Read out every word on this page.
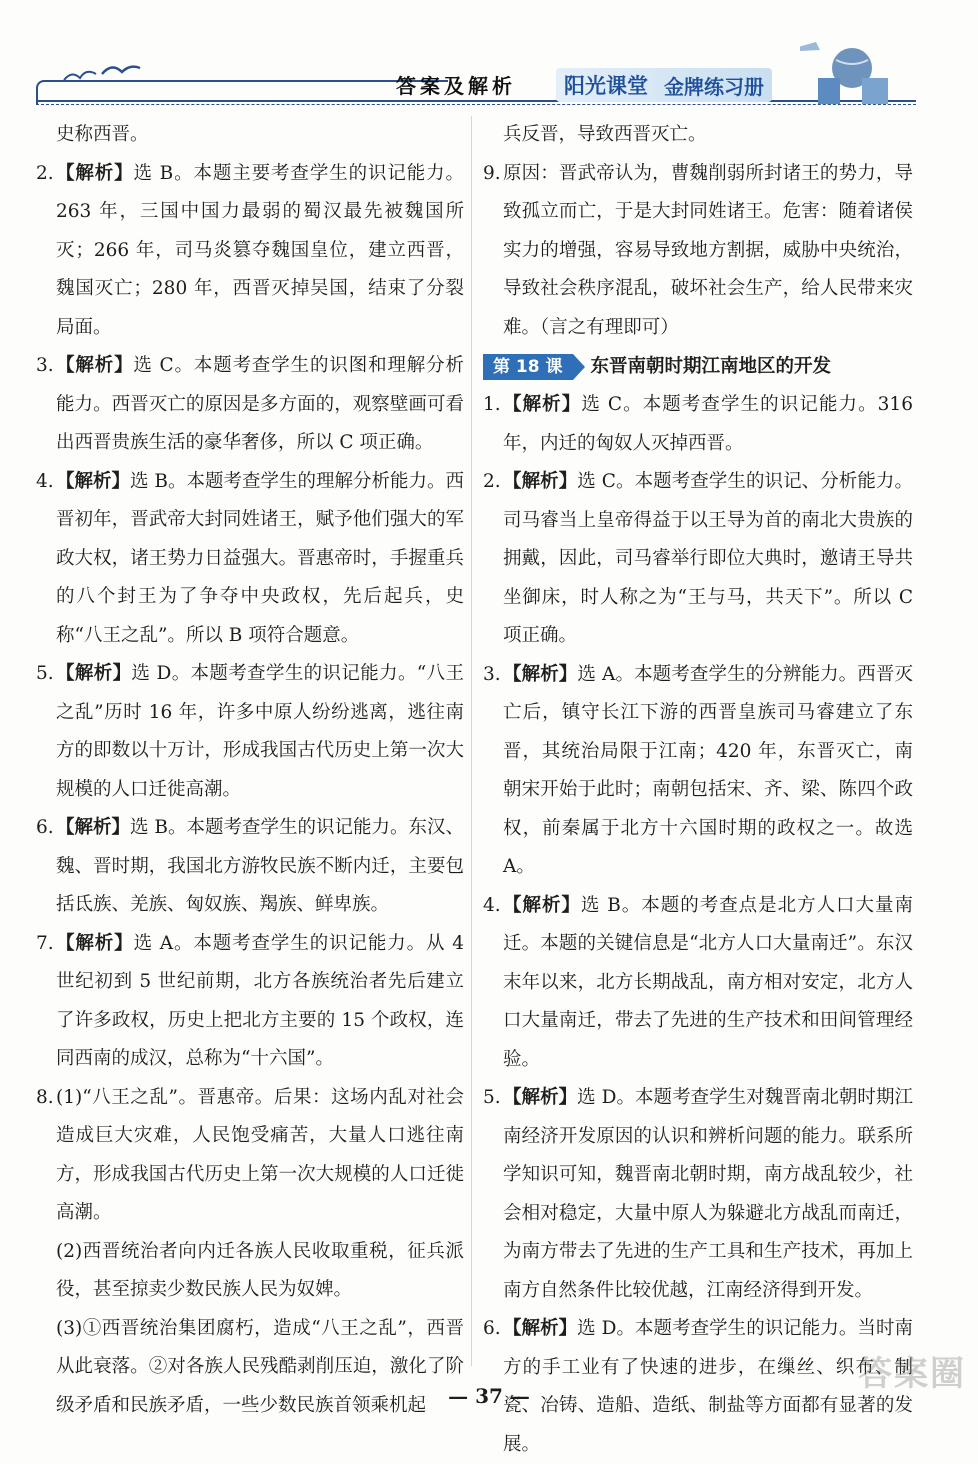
答案及解析 阳光课堂 金牌练习册

史称西晋。

2. 【解析】选 B。本题主要考查学生的识记能力。263 年，三国中国力最弱的蜀汉最先被魏国所灭；266 年，司马炎篡夺魏国皇位，建立西晋，魏国灭亡；280 年，西晋灭掉吴国，结束了分裂局面。
3. 【解析】选 C。本题考查学生的识图和理解分析能力。西晋灭亡的原因是多方面的，观察壁画可看出西晋贵族生活的豪华奢侈，所以 C 项正确。
4. 【解析】选 B。本题考查学生的理解分析能力。西晋初年，晋武帝大封同姓诸王，赋予他们强大的军政大权，诸王势力日益强大。晋惠帝时，手握重兵的八个封王为了争夺中央政权，先后起兵，史称“八王之乱”。所以 B 项符合题意。
5. 【解析】选 D。本题考查学生的识记能力。“八王之乱”历时 16 年，许多中原人纷纷逃离，逃往南方的即数以十万计，形成我国古代历史上第一次大规模的人口迁徙高潮。
6. 【解析】选 B。本题考查学生的识记能力。东汉、魏、晋时期，我国北方游牧民族不断内迁，主要包括氐族、羌族、匈奴族、羯族、鲜卑族。
7. 【解析】选 A。本题考查学生的识记能力。从 4 世纪初到 5 世纪前期，北方各族统治者先后建立了许多政权，历史上把北方主要的 15 个政权，连同西南的成汉，总称为“十六国”。
8. (1)“八王之乱”。晋惠帝。后果：这场内乱对社会造成巨大灾难，人民饱受痛苦，大量人口逃往南方，形成我国古代历史上第一次大规模的人口迁徙高潮。

(2)西晋统治者向内迁各族人民收取重税，征兵派役，甚至掠卖少数民族人民为奴婢。

(3)①西晋统治集团腐朽，造成“八王之乱”，西晋从此衰落。②对各族人民残酷剥削压迫，激化了阶级矛盾和民族矛盾，一些少数民族首领乘机起

兵反晋，导致西晋灭亡。

9. 原因：晋武帝认为，曹魏削弱所封诸王的势力，导致孤立而亡，于是大封同姓诸王。危害：随着诸侯实力的增强，容易导致地方割据，威胁中央统治，导致社会秩序混乱，破坏社会生产，给人民带来灾难。（言之有理即可）
第 18 课	东晋南朝时期江南地区的开发
1. 【解析】选 C。本题考查学生的识记能力。316 年，内迁的匈奴人灭掉西晋。
2. 【解析】选 C。本题考查学生的识记、分析能力。司马睿当上皇帝得益于以王导为首的南北大贵族的拥戴，因此，司马睿举行即位大典时，邀请王导共坐御床，时人称之为“王与马，共天下”。所以 C 项正确。
3. 【解析】选 A。本题考查学生的分辨能力。西晋灭亡后，镇守长江下游的西晋皇族司马睿建立了东晋，其统治局限于江南；420 年，东晋灭亡，南朝宋开始于此时；南朝包括宋、齐、梁、陈四个政权，前秦属于北方十六国时期的政权之一。故选 A。
4. 【解析】选 B。本题的考查点是北方人口大量南迁。本题的关键信息是“北方人口大量南迁”。东汉末年以来，北方长期战乱，南方相对安定，北方人口大量南迁，带去了先进的生产技术和田间管理经验。
5. 【解析】选 D。本题考查学生对魏晋南北朝时期江南经济开发原因的认识和辨析问题的能力。联系所学知识可知，魏晋南北朝时期，南方战乱较少，社会相对稳定，大量中原人为躲避北方战乱而南迁，为南方带去了先进的生产工具和生产技术，再加上南方自然条件比较优越，江南经济得到开发。
6. 【解析】选 D。本题考查学生的识记能力。当时南方的手工业有了快速的进步，在缫丝、织布、制瓷、冶铸、造船、造纸、制盐等方面都有显著的发展。
— 37 —
答案圈
